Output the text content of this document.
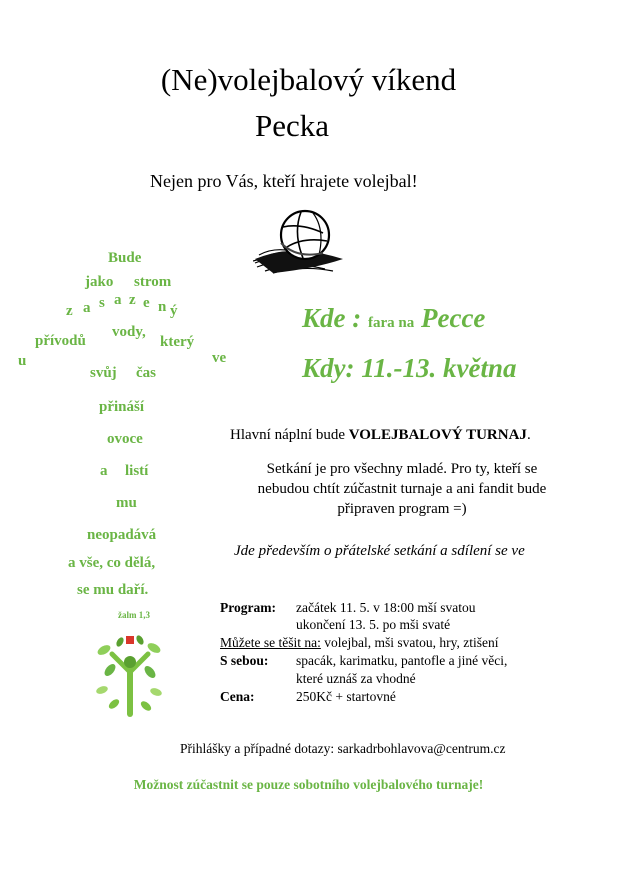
(Ne)volejbalový víkend
Pecka
Nejen pro Vás, kteří hrajete volejbal!
Bude
jako strom
z a s a z e n ý
přívodů
vody,
který
u	ve
svůj čas
přináší
ovoce
a listí
mu
neopadává
a vše, co dělá,
se mu daří.
žalm 1,3
Kde : fara na Pecce
Kdy: 11.-13. května
Hlavní náplní bude VOLEJBALOVÝ TURNAJ.
Setkání je pro všechny mladé. Pro ty, kteří se
nebudou chtít zúčastnit turnaje a ani fandit bude
připraven program =)
Jde především o přátelské setkání a sdílení se ve
Program: začátek 11. 5. v 18:00 mší svatou
ukončení 13. 5. po mši svaté
Můžete se těšit na: volejbal, mši svatou, hry, ztišení
S sebou: spacák, karimatku, pantofle a jiné věci,
které uznáš za vhodné
Cena:	250Kč + startovné
Přihlášky a případné dotazy: sarkadrbohlavova@centrum.cz
Možnost zúčastnit se pouze sobotního volejbalového turnaje!
